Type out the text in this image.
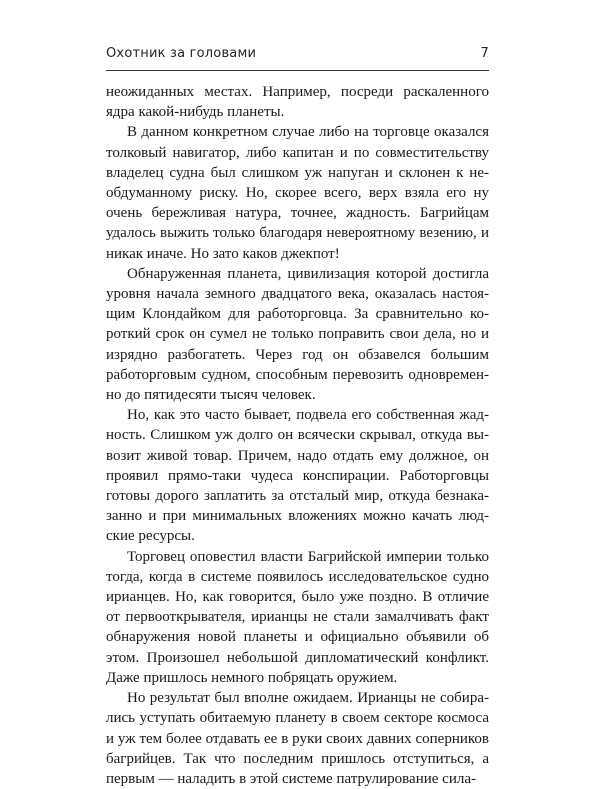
Охотник за головами	7

неожиданных местах. Например, посреди раскаленного ядра какой-нибудь планеты.

В данном конкретном случае либо на торговце оказался толковый навигатор, либо капитан и по совместительству владелец судна был слишком уж напуган и склонен к необдуманному риску. Но, скорее всего, верх взяла его ну очень бережливая натура, точнее, жадность. Багрийцам удалось выжить только благодаря невероятному везению, и никак иначе. Но зато каков джекпот!

Обнаруженная планета, цивилизация которой достигла уровня начала земного двадцатого века, оказалась настоящим Клондайком для работорговца. За сравнительно короткий срок он сумел не только поправить свои дела, но и изрядно разбогатеть. Через год он обзавелся большим работорговым судном, способным перевозить одновременно до пятидесяти тысяч человек.

Но, как это часто бывает, подвела его собственная жадность. Слишком уж долго он всячески скрывал, откуда вывозит живой товар. Причем, надо отдать ему должное, он проявил прямо-таки чудеса конспирации. Работорговцы готовы дорого заплатить за отсталый мир, откуда безнаказанно и при минимальных вложениях можно качать людские ресурсы.

Торговец оповестил власти Багрийской империи только тогда, когда в системе появилось исследовательское судно ирианцев. Но, как говорится, было уже поздно. В отличие от первооткрывателя, ирианцы не стали замалчивать факт обнаружения новой планеты и официально объявили об этом. Произошел небольшой дипломатический конфликт. Даже пришлось немного побряцать оружием.

Но результат был вполне ожидаем. Ирианцы не собирались уступать обитаемую планету в своем секторе космоса и уж тем более отдавать ее в руки своих давних соперников багрийцев. Так что последним пришлось отступиться, а первым — наладить в этой системе патрулирование сила-
